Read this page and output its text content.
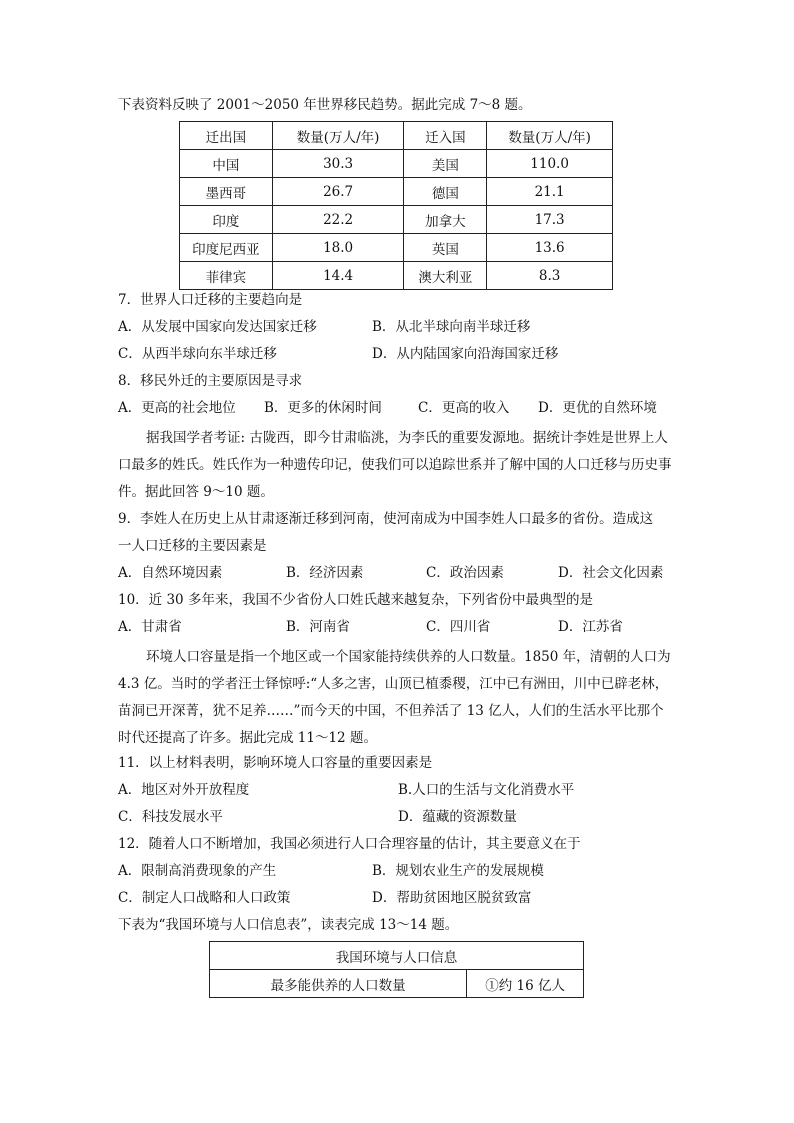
下表资料反映了 2001～2050 年世界移民趋势。据此完成 7～8 题。
迁出国	数量(万人/年)	迁入国	数量(万人/年)
中国	30.3	美国	110.0
墨西哥	26.7	德国	21.1
印度	22.2	加拿大	17.3
印度尼西亚	18.0	英国	13.6
菲律宾	14.4	澳大利亚	8.3
7．世界人口迁移的主要趋向是
A．从发展中国家向发达国家迁移	B．从北半球向南半球迁移
C．从西半球向东半球迁移	D．从内陆国家向沿海国家迁移
8．移民外迁的主要原因是寻求
A．更高的社会地位 B．更多的休闲时间	C．更高的收入 D．更优的自然环境
据我国学者考证: 古陇西，即今甘肃临洮，为李氏的重要发源地。据统计李姓是世界上人口最多的姓氏。姓氏作为一种遗传印记，使我们可以追踪世系并了解中国的人口迁移与历史事件。据此回答 9～10 题。
9．李姓人在历史上从甘肃逐渐迁移到河南，使河南成为中国李姓人口最多的省份。造成这
一人口迁移的主要因素是
A．自然环境因素	B．经济因素	C．政治因素	D．社会文化因素
10．近 30 多年来，我国不少省份人口姓氏越来越复杂，下列省份中最典型的是
A．甘肃省	B．河南省	C．四川省	D．江苏省
环境人口容量是指一个地区或一个国家能持续供养的人口数量。1850 年，清朝的人口为 4.3 亿。当时的学者汪士铎惊呼:“人多之害，山顶已植黍稷，江中已有洲田，川中已辟老林，苗洞已开深菁，犹不足养……”而今天的中国，不但养活了 13 亿人，人们的生活水平比那个时代还提高了许多。据此完成 11～12 题。
11．以上材料表明，影响环境人口容量的重要因素是
A．地区对外开放程度	B.人口的生活与文化消费水平
C．科技发展水平	D．蕴藏的资源数量
12．随着人口不断增加，我国必须进行人口合理容量的估计，其主要意义在于
A．限制高消费现象的产生	B．规划农业生产的发展规模
C．制定人口战略和人口政策	D．帮助贫困地区脱贫致富
下表为“我国环境与人口信息表”，读表完成 13～14 题。
我国环境与人口信息
最多能供养的人口数量	①约 16 亿人
